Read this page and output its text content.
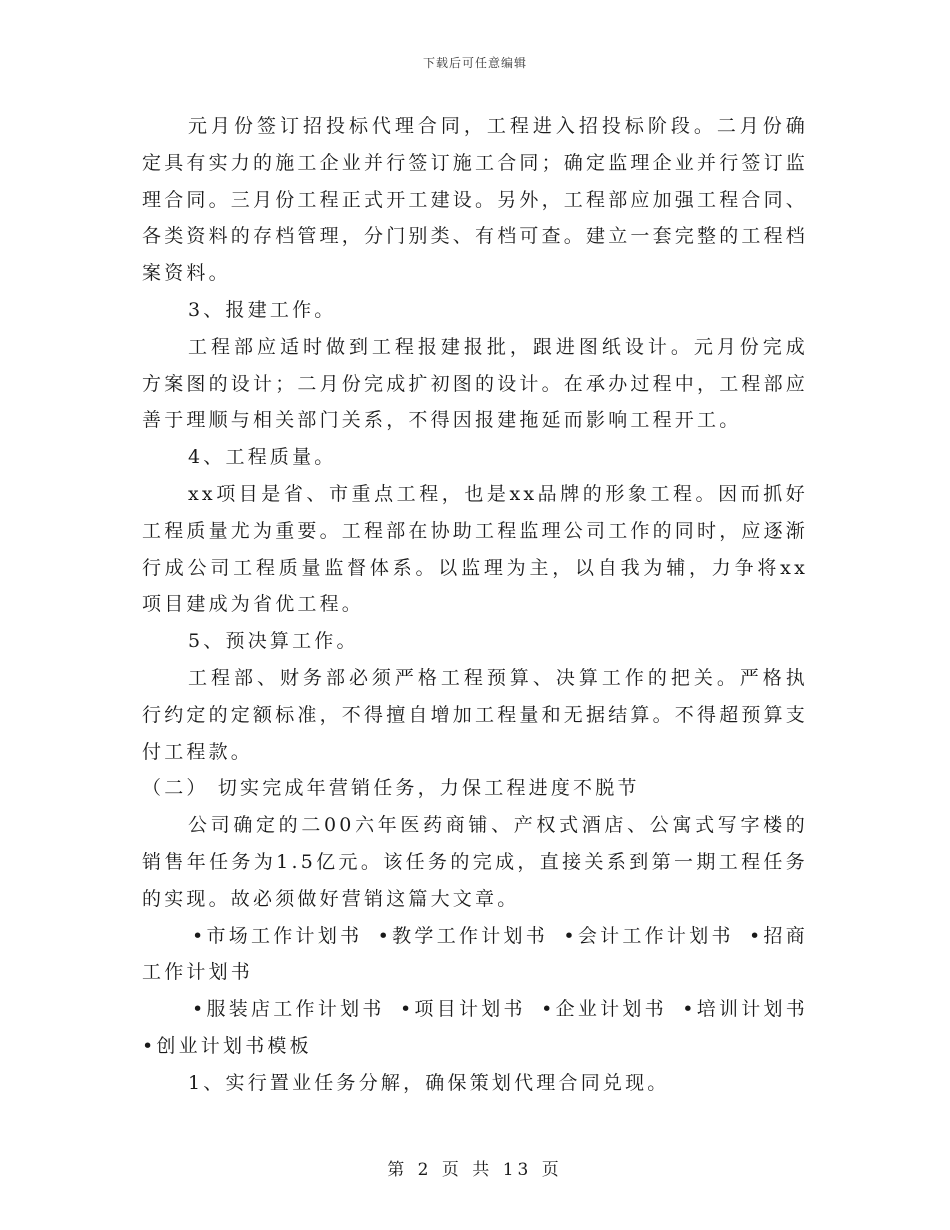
下载后可任意编辑

元月份签订招投标代理合同，工程进入招投标阶段。二月份确定具有实力的施工企业并行签订施工合同；确定监理企业并行签订监理合同。三月份工程正式开工建设。另外，工程部应加强工程合同、各类资料的存档管理，分门别类、有档可查。建立一套完整的工程档案资料。

3、报建工作。

工程部应适时做到工程报建报批，跟进图纸设计。元月份完成方案图的设计；二月份完成扩初图的设计。在承办过程中，工程部应善于理顺与相关部门关系，不得因报建拖延而影响工程开工。

4、工程质量。

xx项目是省、市重点工程，也是xx品牌的形象工程。因而抓好工程质量尤为重要。工程部在协助工程监理公司工作的同时，应逐渐行成公司工程质量监督体系。以监理为主，以自我为辅，力争将xx项目建成为省优工程。

5、预决算工作。

工程部、财务部必须严格工程预算、决算工作的把关。严格执行约定的定额标准，不得擅自增加工程量和无据结算。不得超预算支付工程款。

（二） 切实完成年营销任务，力保工程进度不脱节

公司确定的二00六年医药商铺、产权式酒店、公寓式写字楼的销售年任务为1.5亿元。该任务的完成，直接关系到第一期工程任务的实现。故必须做好营销这篇大文章。

•市场工作计划书 •教学工作计划书 •会计工作计划书 •招商工作计划书

•服装店工作计划书 •项目计划书 •企业计划书 •培训计划书 •创业计划书模板

1、实行置业任务分解，确保策划代理合同兑现。

第 2 页 共 13 页
